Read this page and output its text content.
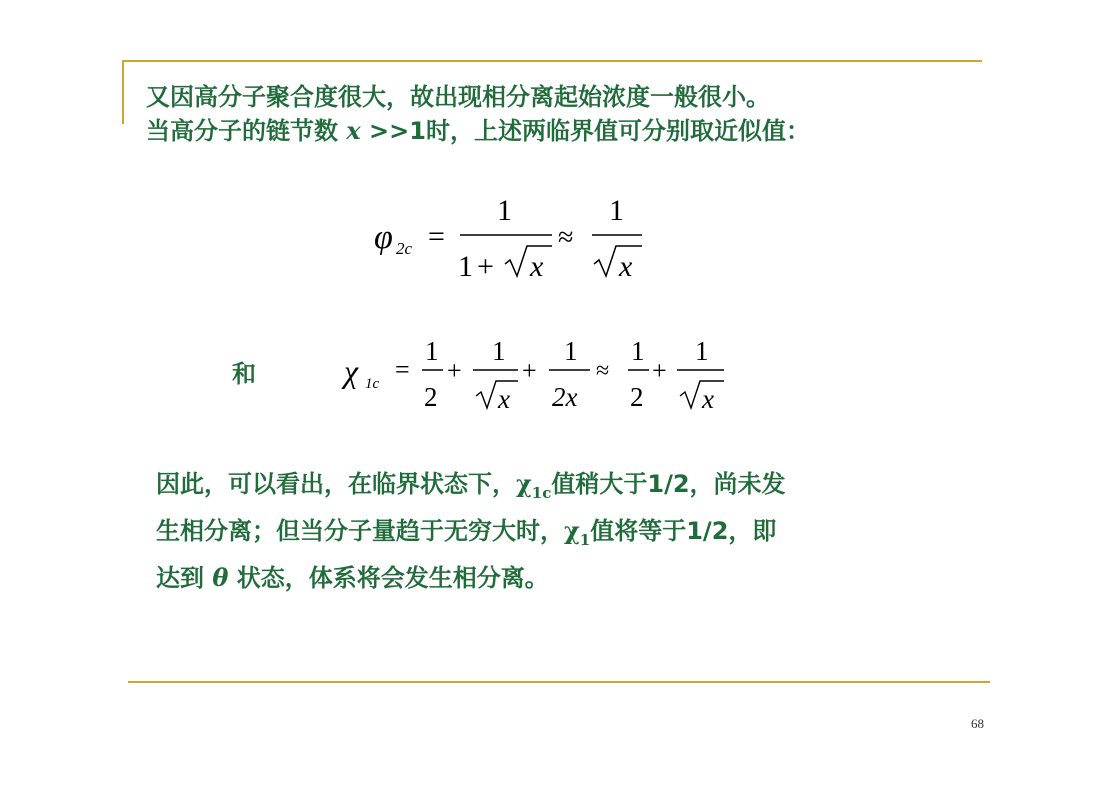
又因高分子聚合度很大，故出现相分离起始浓度一般很小。
当高分子的链节数 x >>1时，上述两临界值可分别取近似值：
φ 2c =
1
1 + x
≈
1
x
和	χ 1c =
1
2
+
1
x
+
1
2x
≈
1
2
+
1
x
因此，可以看出，在临界状态下，$\chi_{1c}$值稍大于1/2，尚未发
生相分离；但当分子量趋于无穷大时，$\chi_1$值将等于1/2，即
达到 θ 状态，体系将会发生相分离。
68
